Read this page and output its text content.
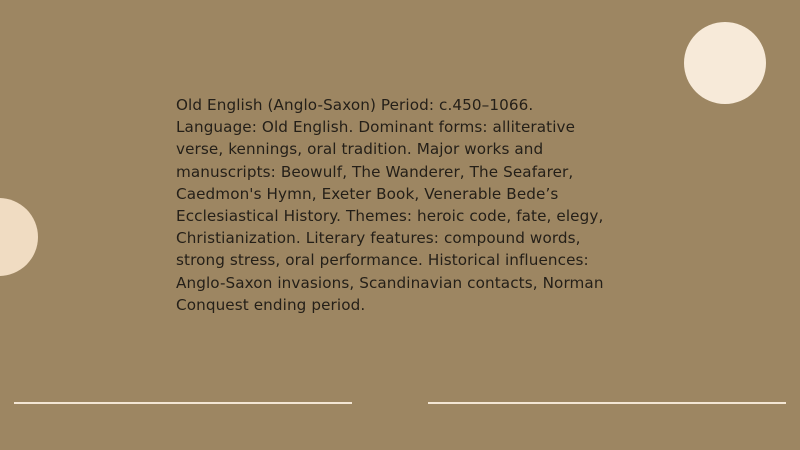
Old English (Anglo-Saxon) Period: c.450–1066. Language: Old English. Dominant forms: alliterative verse, kennings, oral tradition. Major works and manuscripts: Beowulf, The Wanderer, The Seafarer, Caedmon's Hymn, Exeter Book, Venerable Bede’s Ecclesiastical History. Themes: heroic code, fate, elegy, Christianization. Literary features: compound words, strong stress, oral performance. Historical influences: Anglo-Saxon invasions, Scandinavian contacts, Norman Conquest ending period.
